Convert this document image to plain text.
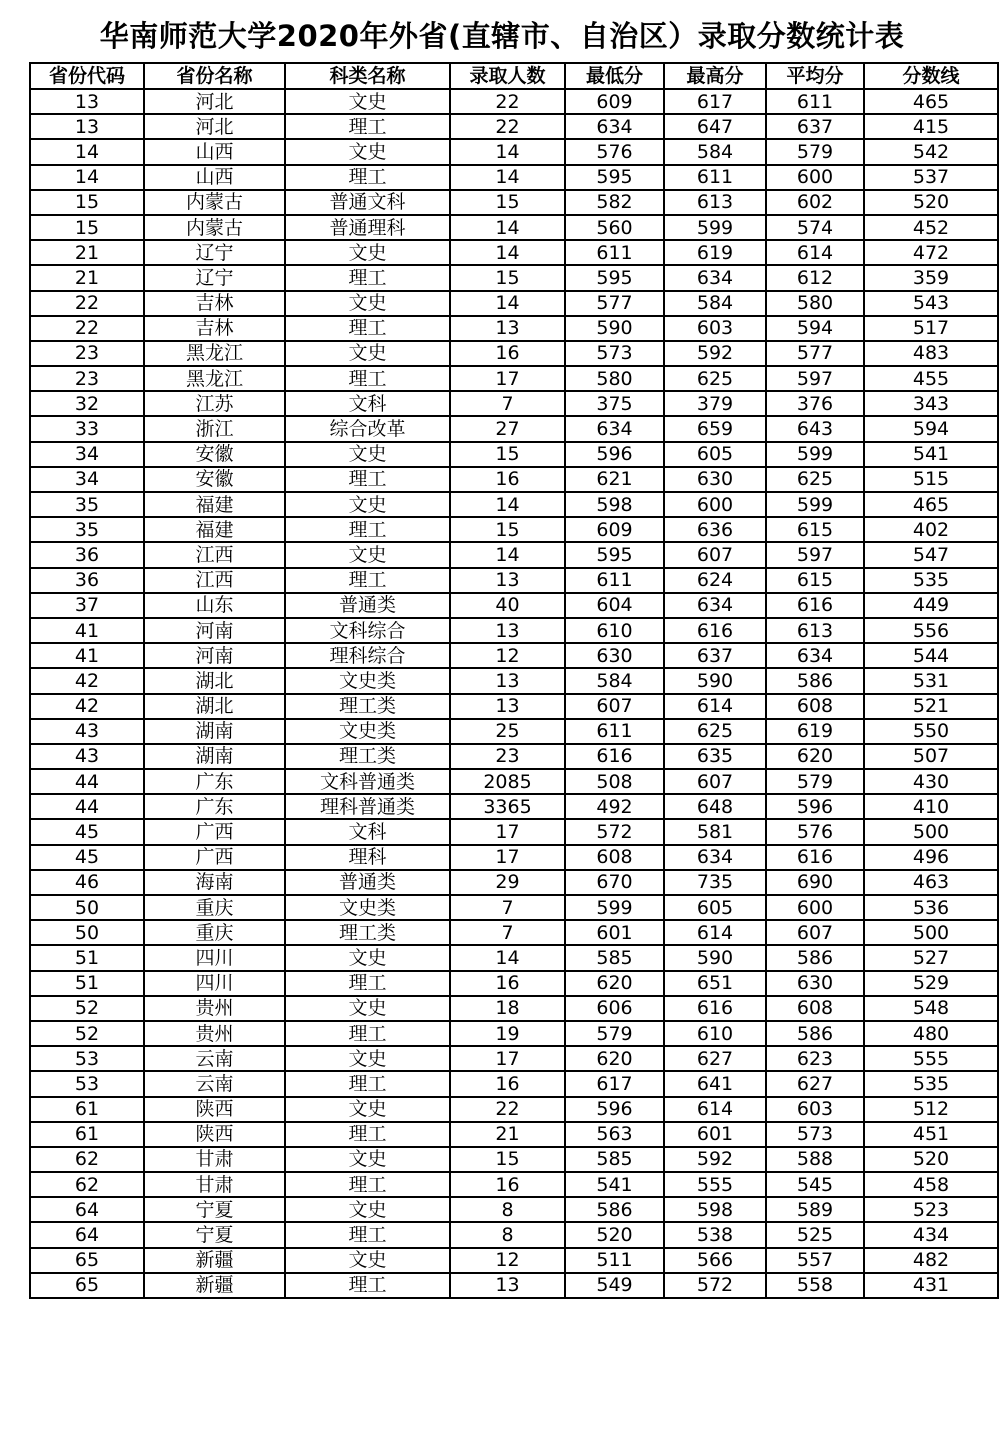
华南师范大学2020年外省(直辖市、自治区）录取分数统计表
省份代码	省份名称	科类名称	录取人数	最低分	最高分	平均分	分数线
13	河北	文史	22	609	617	611	465
13	河北	理工	22	634	647	637	415
14	山西	文史	14	576	584	579	542
14	山西	理工	14	595	611	600	537
15	内蒙古	普通文科	15	582	613	602	520
15	内蒙古	普通理科	14	560	599	574	452
21	辽宁	文史	14	611	619	614	472
21	辽宁	理工	15	595	634	612	359
22	吉林	文史	14	577	584	580	543
22	吉林	理工	13	590	603	594	517
23	黑龙江	文史	16	573	592	577	483
23	黑龙江	理工	17	580	625	597	455
32	江苏	文科	7	375	379	376	343
33	浙江	综合改革	27	634	659	643	594
34	安徽	文史	15	596	605	599	541
34	安徽	理工	16	621	630	625	515
35	福建	文史	14	598	600	599	465
35	福建	理工	15	609	636	615	402
36	江西	文史	14	595	607	597	547
36	江西	理工	13	611	624	615	535
37	山东	普通类	40	604	634	616	449
41	河南	文科综合	13	610	616	613	556
41	河南	理科综合	12	630	637	634	544
42	湖北	文史类	13	584	590	586	531
42	湖北	理工类	13	607	614	608	521
43	湖南	文史类	25	611	625	619	550
43	湖南	理工类	23	616	635	620	507
44	广东	文科普通类	2085	508	607	579	430
44	广东	理科普通类	3365	492	648	596	410
45	广西	文科	17	572	581	576	500
45	广西	理科	17	608	634	616	496
46	海南	普通类	29	670	735	690	463
50	重庆	文史类	7	599	605	600	536
50	重庆	理工类	7	601	614	607	500
51	四川	文史	14	585	590	586	527
51	四川	理工	16	620	651	630	529
52	贵州	文史	18	606	616	608	548
52	贵州	理工	19	579	610	586	480
53	云南	文史	17	620	627	623	555
53	云南	理工	16	617	641	627	535
61	陕西	文史	22	596	614	603	512
61	陕西	理工	21	563	601	573	451
62	甘肃	文史	15	585	592	588	520
62	甘肃	理工	16	541	555	545	458
64	宁夏	文史	8	586	598	589	523
64	宁夏	理工	8	520	538	525	434
65	新疆	文史	12	511	566	557	482
65	新疆	理工	13	549	572	558	431
